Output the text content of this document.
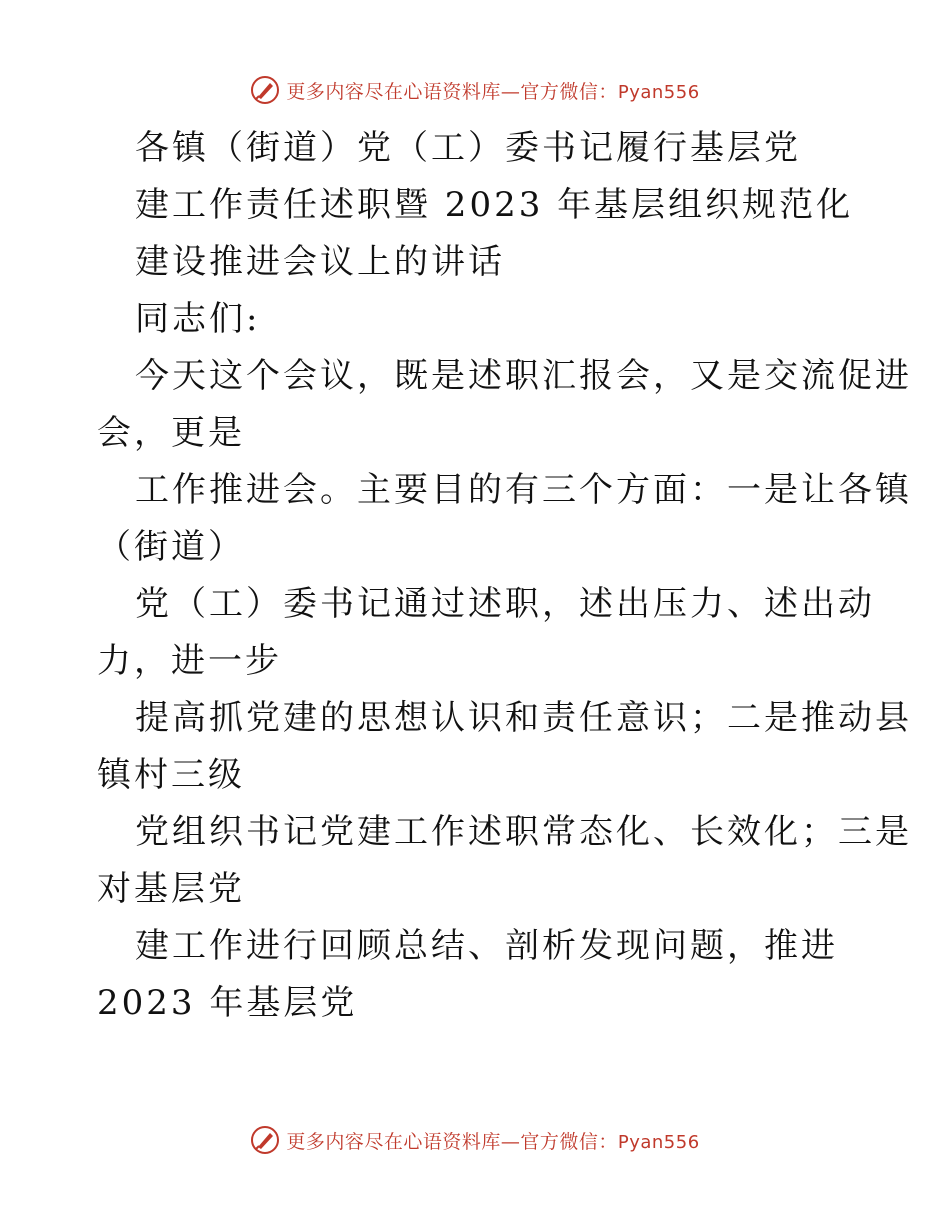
更多内容尽在心语资料库—官方微信：Pyan556
各镇（街道）党（工）委书记履行基层党
建工作责任述职暨 2023 年基层组织规范化
建设推进会议上的讲话
同志们:
今天这个会议，既是述职汇报会，又是交流促进
会，更是
工作推进会。主要目的有三个方面：一是让各镇
（街道）
党（工）委书记通过述职，述出压力、述出动
力，进一步
提高抓党建的思想认识和责任意识；二是推动县
镇村三级
党组织书记党建工作述职常态化、长效化；三是
对基层党
建工作进行回顾总结、剖析发现问题，推进
2023 年基层党
更多内容尽在心语资料库—官方微信：Pyan556
